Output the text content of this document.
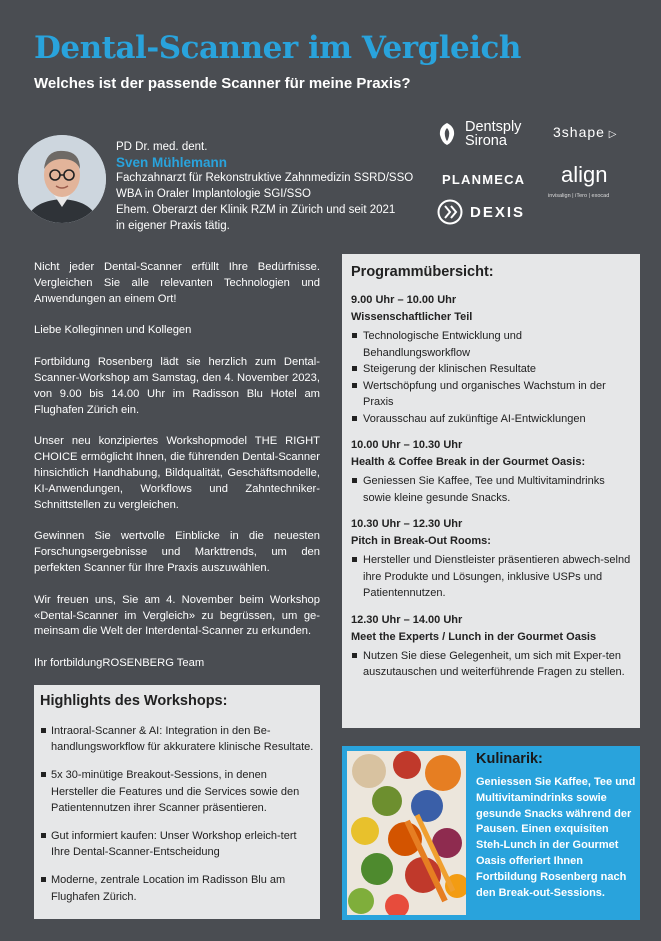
Dental-Scanner im Vergleich
Welches ist der passende Scanner für meine Praxis?
PD Dr. med. dent.
Sven Mühlemann
Fachzahnarzt für Rekonstruktive Zahnmedizin SSRD/SSO
WBA in Oraler Implantologie SGI/SSO
Ehem. Oberarzt der Klinik RZM in Zürich und seit 2021
in eigener Praxis tätig.
Dentsply
Sirona
3shape ▷
PLANMECA align
invisalign | iTero | exocad
DEXIS

Nicht jeder Dental-Scanner erfüllt Ihre Bedürfnisse. Vergleichen Sie alle relevanten Technologien und Anwendungen an einem Ort!

Liebe Kolleginnen und Kollegen

Fortbildung Rosenberg lädt sie herzlich zum Dental-Scanner-Workshop am Samstag, den 4. November 2023, von 9.00 bis 14.00 Uhr im Radisson Blu Hotel am Flughafen Zürich ein.

Unser neu konzipiertes Workshopmodel THE RIGHT CHOICE ermöglicht Ihnen, die führenden Dental-Scanner hinsichtlich Handhabung, Bildqualität, Geschäftsmodelle, KI-Anwendungen, Workflows und Zahntechniker-Schnittstellen zu vergleichen.

Gewinnen Sie wertvolle Einblicke in die neuesten Forschungsergebnisse und Markttrends, um den perfekten Scanner für Ihre Praxis auszuwählen.

Wir freuen uns, Sie am 4. November beim Workshop «Dental-Scanner im Vergleich» zu begrüssen, um ge-meinsam die Welt der Interdental-Scanner zu erkunden.

Ihr fortbildungROSENBERG Team

Programmübersicht:
9.00 Uhr – 10.00 Uhr
Wissenschaftlicher Teil
Technologische Entwicklung und Behandlungsworkflow
Steigerung der klinischen Resultate
Wertschöpfung und organisches Wachstum in der Praxis
Vorausschau auf zukünftige AI-Entwicklungen
10.00 Uhr – 10.30 Uhr
Health & Coffee Break in der Gourmet Oasis:
Geniessen Sie Kaffee, Tee und Multivitamindrinks sowie kleine gesunde Snacks.
10.30 Uhr – 12.30 Uhr
Pitch in Break-Out Rooms:
Hersteller und Dienstleister präsentieren abwech-selnd ihre Produkte und Lösungen, inklusive USPs und Patientennutzen.
12.30 Uhr – 14.00 Uhr
Meet the Experts / Lunch in der Gourmet Oasis
Nutzen Sie diese Gelegenheit, um sich mit Exper-ten auszutauschen und weiterführende Fragen zu stellen.
Highlights des Workshops:
Intraoral-Scanner & AI: Integration in den Be-handlungsworkflow für akkuratere klinische Resultate.
5x 30-minütige Breakout-Sessions, in denen Hersteller die Features und die Services sowie den Patientennutzen ihrer Scanner präsentieren.
Gut informiert kaufen: Unser Workshop erleich-tert Ihre Dental-Scanner-Entscheidung
Moderne, zentrale Location im Radisson Blu am Flughafen Zürich.
Kulinarik:
Geniessen Sie Kaffee, Tee und Multivitamindrinks sowie gesunde Snacks während der Pausen. Einen exquisiten Steh-Lunch in der Gourmet Oasis offeriert Ihnen Fortbildung Rosenberg nach den Break-out-Sessions.
